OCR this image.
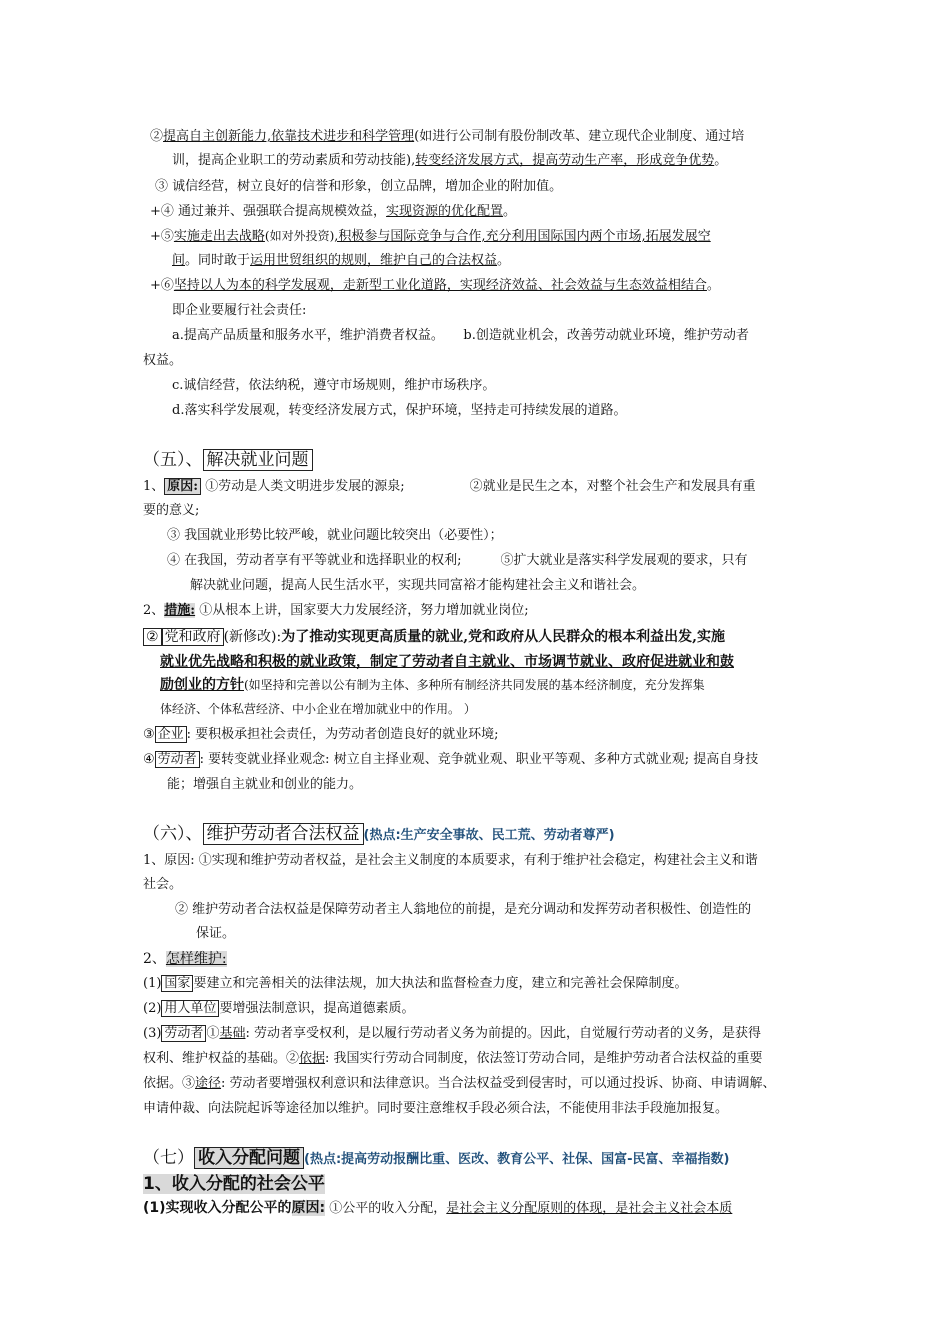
②提高自主创新能力,依靠技术进步和科学管理(如进行公司制有股份制改革、建立现代企业制度、通过培
训，提高企业职工的劳动素质和劳动技能),转变经济发展方式，提高劳动生产率，形成竞争优势。
③ 诚信经营，树立良好的信誉和形象，创立品牌，增加企业的附加值。
+④ 通过兼并、强强联合提高规模效益，实现资源的优化配置。
+⑤实施走出去战略(如对外投资),积极参与国际竞争与合作,充分利用国际国内两个市场,拓展发展空
间。同时敢于运用世贸组织的规则，维护自己的合法权益。
+⑥坚持以人为本的科学发展观，走新型工业化道路，实现经济效益、社会效益与生态效益相结合。
即企业要履行社会责任:
a.提高产品质量和服务水平，维护消费者权益。　　b.创造就业机会，改善劳动就业环境，维护劳动者
权益。
c.诚信经营，依法纳税，遵守市场规则，维护市场秩序。
d.落实科学发展观，转变经济发展方式，保护环境，坚持走可持续发展的道路。
（五）、 解决就业问题
1、 原因: ①劳动是人类文明进步发展的源泉;　　　　　②就业是民生之本，对整个社会生产和发展具有重
要的意义;
③ 我国就业形势比较严峻，就业问题比较突出（必要性）；
④ 在我国，劳动者享有平等就业和选择职业的权利;　　　⑤扩大就业是落实科学发展观的要求，只有
解决就业问题，提高人民生活水平，实现共同富裕才能构建社会主义和谐社会。
2、措施: ①从根本上讲，国家要大力发展经济，努力增加就业岗位;
② 党和政府 (新修改):为了推动实现更高质量的就业,党和政府从人民群众的根本利益出发,实施
就业优先战略和积极的就业政策，制定了劳动者自主就业、市场调节就业、政府促进就业和鼓
励创业的方针(如坚持和完善以公有制为主体、多种所有制经济共同发展的基本经济制度，充分发挥集
体经济、个体私营经济、中小企业在增加就业中的作用。 ）
③ 企业 : 要积极承担社会责任，为劳动者创造良好的就业环境;
④ 劳动者 : 要转变就业择业观念: 树立自主择业观、竞争就业观、职业平等观、多种方式就业观; 提高自身技
能；增强自主就业和创业的能力。
（六）、 维护劳动者合法权益 (热点:生产安全事故、民工荒、劳动者尊严)
1、原因: ①实现和维护劳动者权益，是社会主义制度的本质要求，有利于维护社会稳定，构建社会主义和谐
社会。
② 维护劳动者合法权益是保障劳动者主人翁地位的前提，是充分调动和发挥劳动者积极性、创造性的
保证。
2、怎样维护:
(1) 国家 要建立和完善相关的法律法规，加大执法和监督检查力度，建立和完善社会保障制度。
(2) 用人单位 要增强法制意识，提高道德素质。
(3) 劳动者 ①基础: 劳动者享受权利，是以履行劳动者义务为前提的。因此，自觉履行劳动者的义务，是获得
权利、维护权益的基础。②依据: 我国实行劳动合同制度，依法签订劳动合同，是维护劳动者合法权益的重要
依据。③途径: 劳动者要增强权利意识和法律意识。当合法权益受到侵害时，可以通过投诉、协商、申请调解、
申请仲裁、向法院起诉等途径加以维护。同时要注意维权手段必须合法，不能使用非法手段施加报复。
（七） 收入分配问题 (热点:提高劳动报酬比重、医改、教育公平、社保、国富-民富、幸福指数)
1、收入分配的社会公平
(1)实现收入分配公平的原因: ①公平的收入分配，是社会主义分配原则的体现，是社会主义社会本质
